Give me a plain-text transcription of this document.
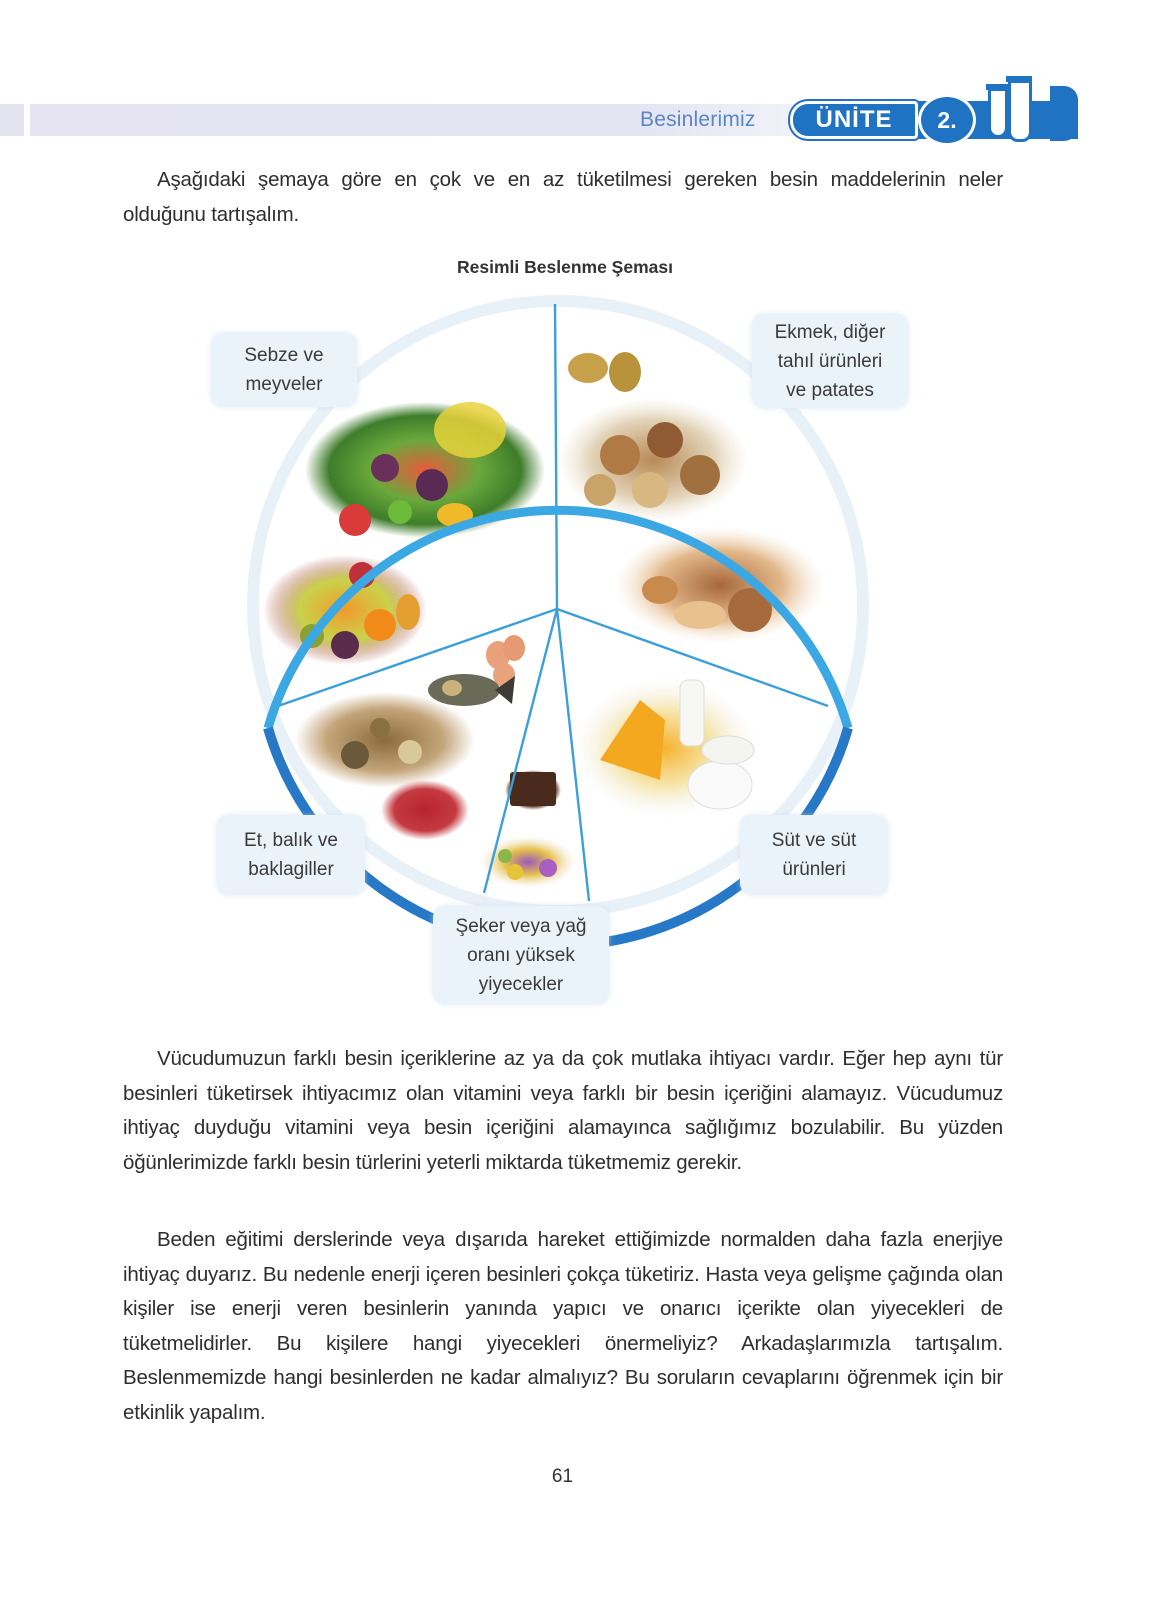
Besinlerimiz	ÜNİTE	2.
Aşağıdaki şemaya göre en çok ve en az tüketilmesi gereken besin maddelerinin neler olduğunu tartışalım.
Resimli Beslenme Şeması
Sebze ve
meyveler
Ekmek, diğer
tahıl ürünleri
ve patates
Süt ve süt
ürünleri
Şeker veya yağ
oranı yüksek
yiyecekler
Et, balık ve
baklagiller
Vücudumuzun farklı besin içeriklerine az ya da çok mutlaka ihtiyacı vardır. Eğer hep aynı tür besinleri tüketirsek ihtiyacımız olan vitamini veya farklı bir besin içeriğini alamayız. Vücudumuz ihtiyaç duyduğu vitamini veya besin içeriğini alamayınca sağlığımız bozulabilir. Bu yüzden öğünlerimizde farklı besin türlerini yeterli miktarda tüketmemiz gerekir.
Beden eğitimi derslerinde veya dışarıda hareket ettiğimizde normalden daha fazla enerjiye ihtiyaç duyarız. Bu nedenle enerji içeren besinleri çokça tüketiriz. Hasta veya gelişme çağında olan kişiler ise enerji veren besinlerin yanında yapıcı ve onarıcı içerikte olan yiyecekleri de tüketmelidirler. Bu kişilere hangi yiyecekleri önermeliyiz? Arkadaşlarımızla tartışalım. Beslenmemizde hangi besinlerden ne kadar almalıyız? Bu soruların cevaplarını öğrenmek için bir etkinlik yapalım.
61
